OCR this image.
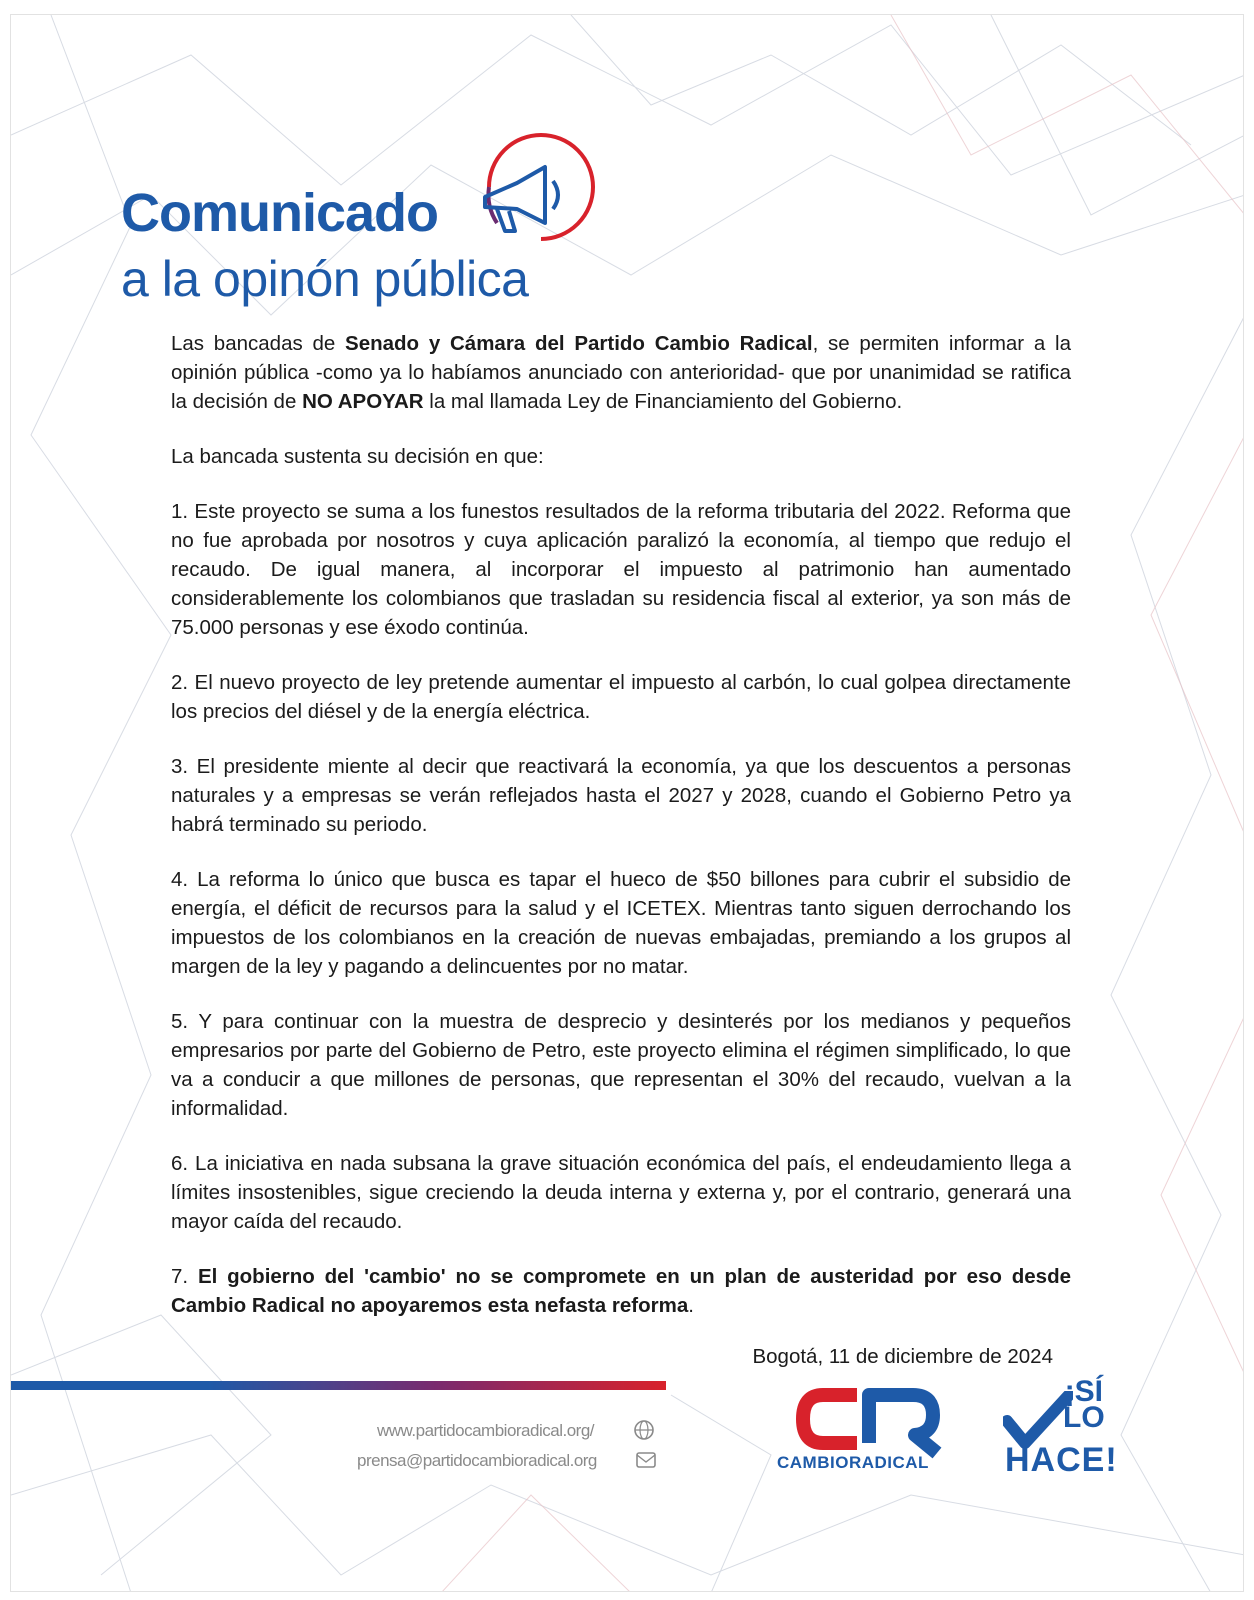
Comunicado
a la opinón pública

Las bancadas de Senado y Cámara del Partido Cambio Radical, se permiten informar a la opinión pública -como ya lo habíamos anunciado con anterioridad- que por unanimidad se ratifica la decisión de NO APOYAR la mal llamada Ley de Financiamiento del Gobierno.

La bancada sustenta su decisión en que:

1. Este proyecto se suma a los funestos resultados de la reforma tributaria del 2022. Reforma que no fue aprobada por nosotros y cuya aplicación paralizó la economía, al tiempo que redujo el recaudo. De igual manera, al incorporar el impuesto al patrimonio han aumentado considerablemente los colombianos que trasladan su residencia fiscal al exterior, ya son más de 75.000 personas y ese éxodo continúa.

2. El nuevo proyecto de ley pretende aumentar el impuesto al carbón, lo cual golpea directamente los precios del diésel y de la energía eléctrica.

3. El presidente miente al decir que reactivará la economía, ya que los descuentos a personas naturales y a empresas se verán reflejados hasta el 2027 y 2028, cuando el Gobierno Petro ya habrá terminado su periodo.

4. La reforma lo único que busca es tapar el hueco de $50 billones para cubrir el subsidio de energía, el déficit de recursos para la salud y el ICETEX. Mientras tanto siguen derrochando los impuestos de los colombianos en la creación de nuevas embajadas, premiando a los grupos al margen de la ley y pagando a delincuentes por no matar.

5. Y para continuar con la muestra de desprecio y desinterés por los medianos y pequeños empresarios por parte del Gobierno de Petro, este proyecto elimina el régimen simplificado, lo que va a conducir a que millones de personas, que representan el 30% del recaudo, vuelvan a la informalidad.

6. La iniciativa en nada subsana la grave situación económica del país, el endeudamiento llega a límites insostenibles, sigue creciendo la deuda interna y externa y, por el contrario, generará una mayor caída del recaudo.

7. El gobierno del 'cambio' no se compromete en un plan de austeridad por eso desde Cambio Radical no apoyaremos esta nefasta reforma.

Bogotá, 11 de diciembre de 2024
www.partidocambioradical.org/
prensa@partidocambioradical.org	CAMBIORADICAL
¡SÍ
LO
HACE!
